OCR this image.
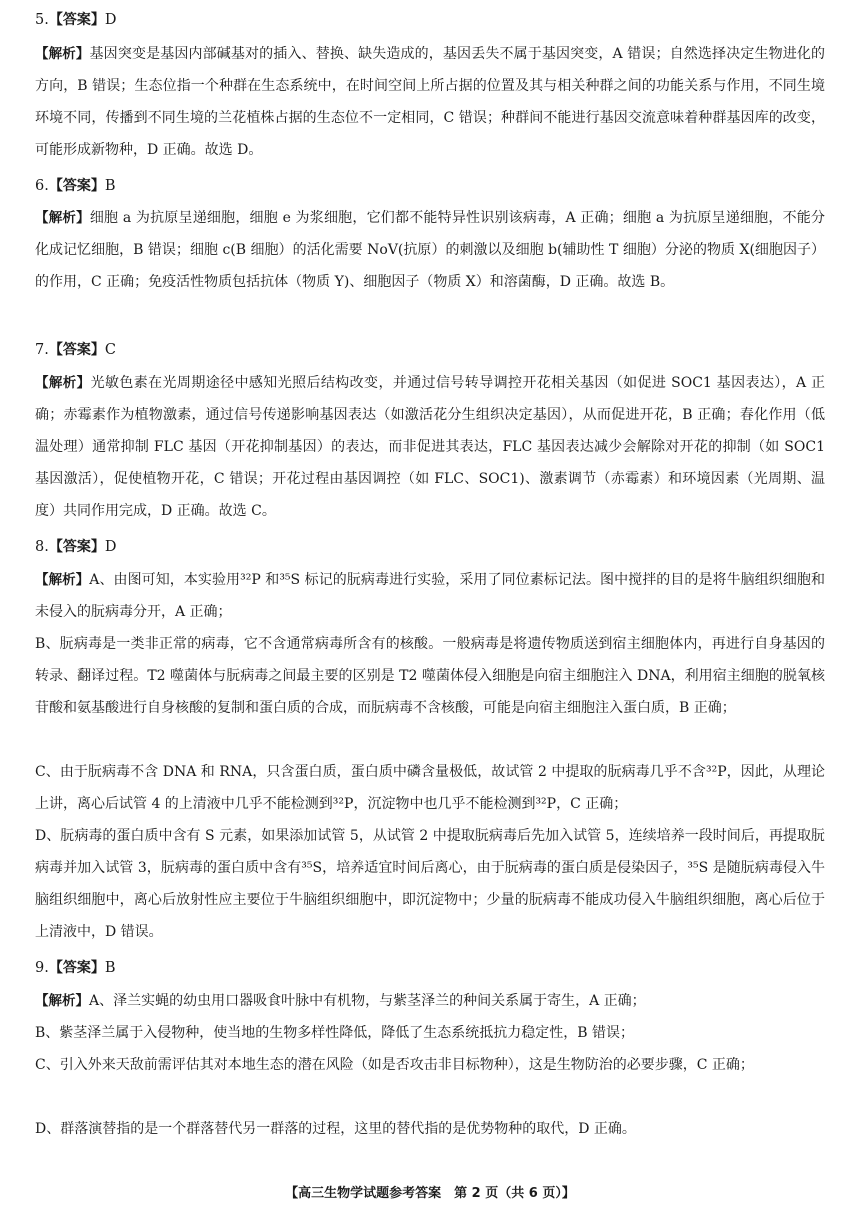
5.【答案】D
【解析】基因突变是基因内部碱基对的插入、替换、缺失造成的，基因丢失不属于基因突变，A 错误；自然选择决定生物进化的方向，B 错误；生态位指一个种群在生态系统中，在时间空间上所占据的位置及其与相关种群之间的功能关系与作用，不同生境环境不同，传播到不同生境的兰花植株占据的生态位不一定相同，C 错误；种群间不能进行基因交流意味着种群基因库的改变，可能形成新物种，D 正确。故选 D。
6.【答案】B
【解析】细胞 a 为抗原呈递细胞，细胞 e 为浆细胞，它们都不能特异性识别该病毒，A 正确；细胞 a 为抗原呈递细胞，不能分化成记忆细胞，B 错误；细胞 c(B 细胞）的活化需要 NoV(抗原）的刺激以及细胞 b(辅助性 T 细胞）分泌的物质 X(细胞因子）的作用，C 正确；免疫活性物质包括抗体（物质 Y)、细胞因子（物质 X）和溶菌酶，D 正确。故选 B。
7.【答案】C
【解析】光敏色素在光周期途径中感知光照后结构改变，并通过信号转导调控开花相关基因（如促进 SOC1 基因表达），A 正确；赤霉素作为植物激素，通过信号传递影响基因表达（如激活花分生组织决定基因），从而促进开花，B 正确；春化作用（低温处理）通常抑制 FLC 基因（开花抑制基因）的表达，而非促进其表达，FLC 基因表达减少会解除对开花的抑制（如 SOC1 基因激活），促使植物开花，C 错误；开花过程由基因调控（如 FLC、SOC1)、激素调节（赤霉素）和环境因素（光周期、温度）共同作用完成，D 正确。故选 C。
8.【答案】D
【解析】A、由图可知，本实验用³²P 和³⁵S 标记的朊病毒进行实验，采用了同位素标记法。图中搅拌的目的是将牛脑组织细胞和未侵入的朊病毒分开，A 正确；
B、朊病毒是一类非正常的病毒，它不含通常病毒所含有的核酸。一般病毒是将遗传物质送到宿主细胞体内，再进行自身基因的转录、翻译过程。T2 噬菌体与朊病毒之间最主要的区别是 T2 噬菌体侵入细胞是向宿主细胞注入 DNA，利用宿主细胞的脱氧核苷酸和氨基酸进行自身核酸的复制和蛋白质的合成，而朊病毒不含核酸，可能是向宿主细胞注入蛋白质，B 正确；
C、由于朊病毒不含 DNA 和 RNA，只含蛋白质，蛋白质中磷含量极低，故试管 2 中提取的朊病毒几乎不含³²P，因此，从理论上讲，离心后试管 4 的上清液中几乎不能检测到³²P，沉淀物中也几乎不能检测到³²P，C 正确；
D、朊病毒的蛋白质中含有 S 元素，如果添加试管 5，从试管 2 中提取朊病毒后先加入试管 5，连续培养一段时间后，再提取朊病毒并加入试管 3，朊病毒的蛋白质中含有³⁵S，培养适宜时间后离心，由于朊病毒的蛋白质是侵染因子，³⁵S 是随朊病毒侵入牛脑组织细胞中，离心后放射性应主要位于牛脑组织细胞中，即沉淀物中；少量的朊病毒不能成功侵入牛脑组织细胞，离心后位于上清液中，D 错误。
9.【答案】B
【解析】A、泽兰实蝇的幼虫用口器吸食叶脉中有机物，与紫茎泽兰的种间关系属于寄生，A 正确；
B、紫茎泽兰属于入侵物种，使当地的生物多样性降低，降低了生态系统抵抗力稳定性，B 错误；
C、引入外来天敌前需评估其对本地生态的潜在风险（如是否攻击非目标物种），这是生物防治的必要步骤，C 正确；
D、群落演替指的是一个群落替代另一群落的过程，这里的替代指的是优势物种的取代，D 正确。
【高三生物学试题参考答案　第 2 页（共 6 页）】
